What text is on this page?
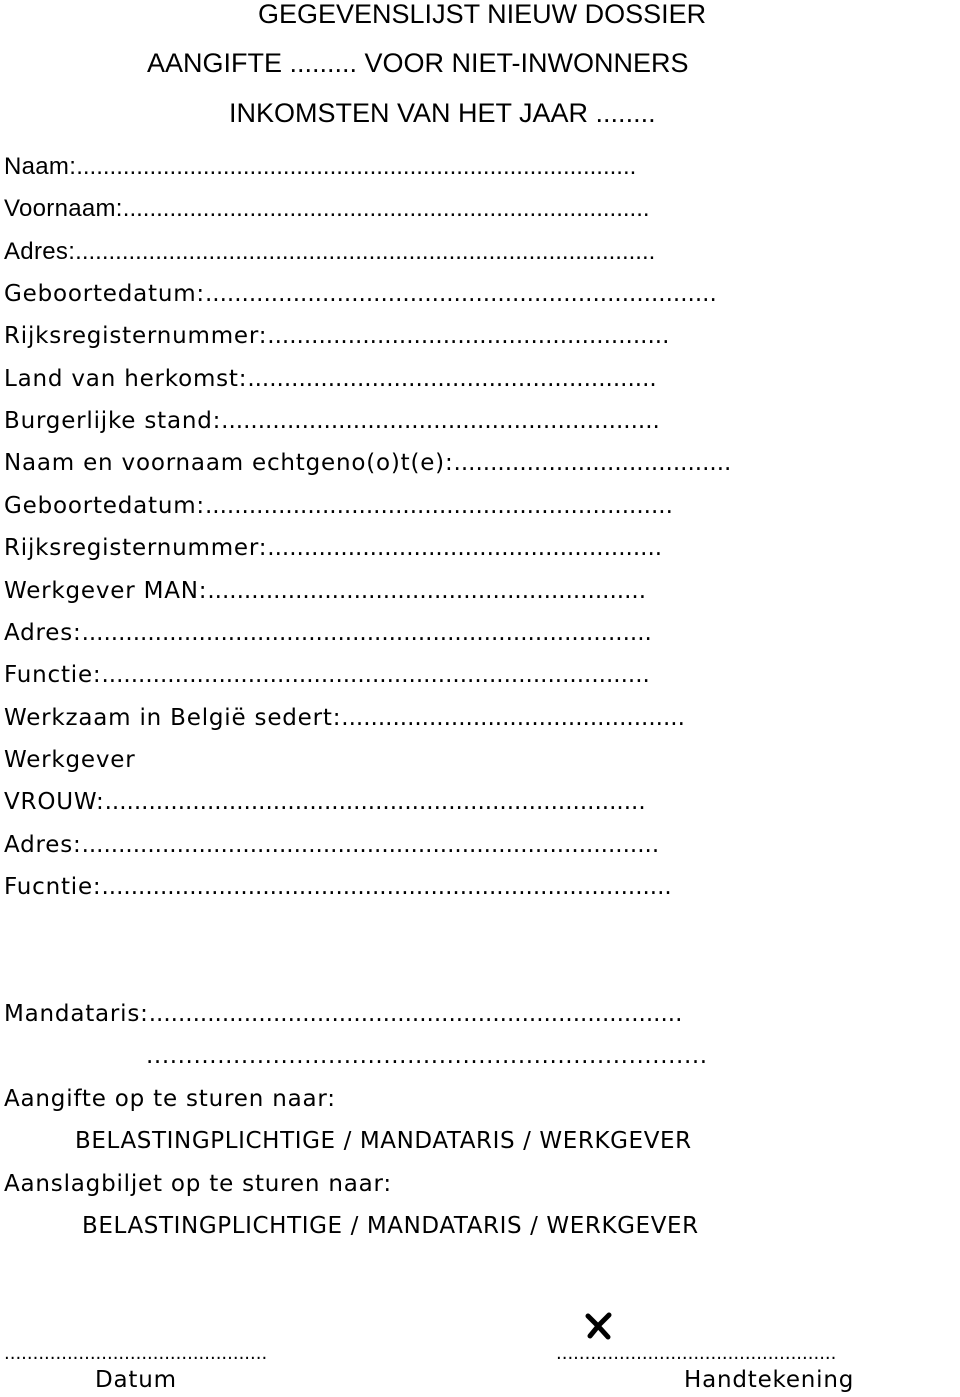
GEGEVENSLIJST NIEUW DOSSIER
AANGIFTE ......... VOOR NIET-INWONNERS
INKOMSTEN VAN HET JAAR ........
Naam:....................................................................................
Voornaam:...............................................................................
Adres:.......................................................................................
Geboortedatum:......................................................................
Rijksregisternummer:.......................................................
Land van herkomst:........................................................
Burgerlijke stand:............................................................
Naam en voornaam echtgeno(o)t(e):......................................
Geboortedatum:................................................................
Rijksregisternummer:......................................................
Werkgever MAN:............................................................
Adres:..............................................................................
Functie:...........................................................................
Werkzaam in België sedert:...............................................
Werkgever
VROUW:..........................................................................
Adres:...............................................................................
Fucntie:..............................................................................
Mandataris:.........................................................................
.......................................................................
Aangifte op te sturen naar:
BELASTINGPLICHTIGE / MANDATARIS / WERKGEVER
Aanslagbiljet op te sturen naar:
BELASTINGPLICHTIGE / MANDATARIS / WERKGEVER
..............................................
Datum
.................................................
Handtekening
